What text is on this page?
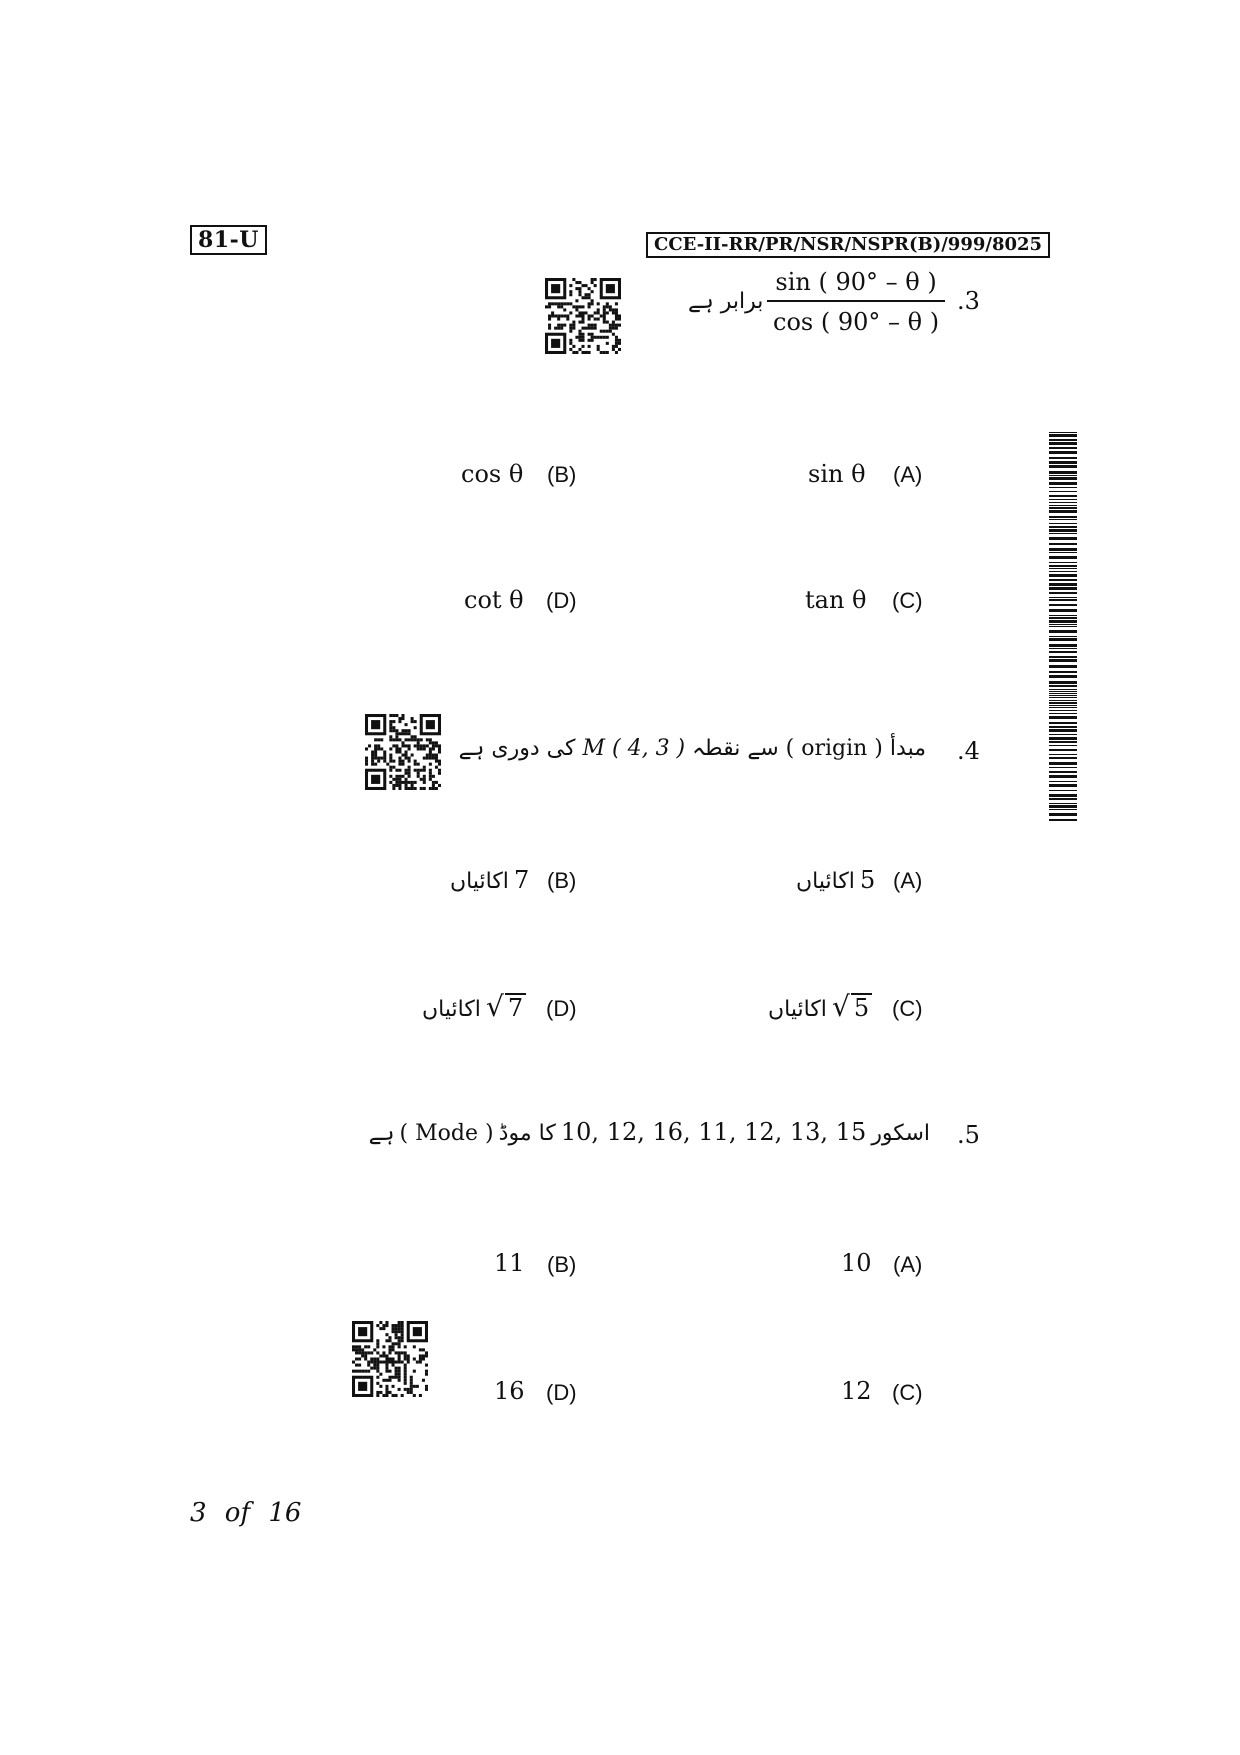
81-U	CCE-II-RR/PR/NSR/NSPR(B)/999/8025
.3
$\frac{\sin ( 90^\circ - \theta )}{\cos ( 90^\circ - \theta )}$
برابر ہے
sin θ (A)
cos θ (B)
tan θ (C)
cot θ (D)
.4
مبدأ ( origin ) سے نقطہ M ( 4, 3 ) کی دوری ہے
5 اکائیاں	(A)
7 اکائیاں	(B)
√ 5
اکائیاں	(C)
√ 7
اکائیاں	(D)
.5
اسکور 10, 12, 16, 11, 12, 13, 15 کا موڈ ( Mode ) ہے
10 (A)
11 (B)
12 (C)
16 (D)
3 of 16
